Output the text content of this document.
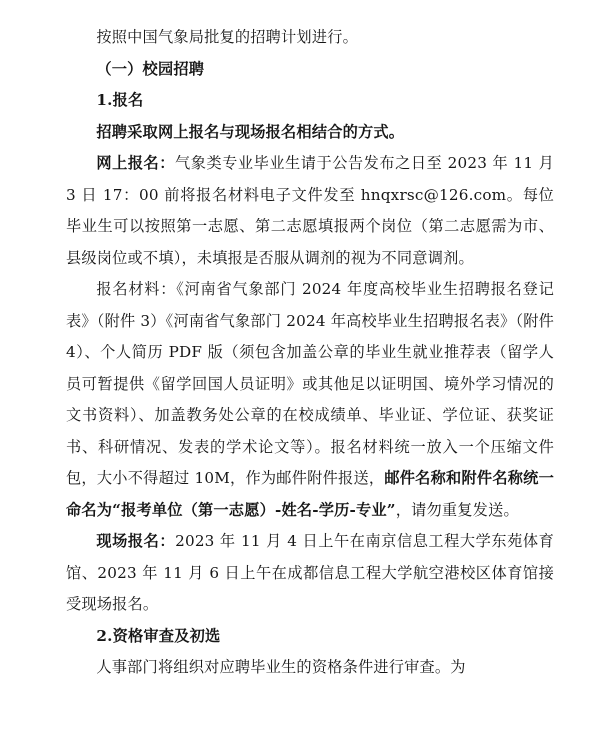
按照中国气象局批复的招聘计划进行。

（一）校园招聘

1.报名

招聘采取网上报名与现场报名相结合的方式。

网上报名：气象类专业毕业生请于公告发布之日至 2023 年 11 月 3 日 17：00 前将报名材料电子文件发至 hnqxrsc@126.com。每位毕业生可以按照第一志愿、第二志愿填报两个岗位（第二志愿需为市、县级岗位或不填），未填报是否服从调剂的视为不同意调剂。

报名材料：《河南省气象部门 2024 年度高校毕业生招聘报名登记表》（附件 3）《河南省气象部门 2024 年高校毕业生招聘报名表》（附件 4）、个人简历 PDF 版（须包含加盖公章的毕业生就业推荐表（留学人员可暂提供《留学回国人员证明》或其他足以证明国、境外学习情况的文书资料）、加盖教务处公章的在校成绩单、毕业证、学位证、获奖证书、科研情况、发表的学术论文等）。报名材料统一放入一个压缩文件包，大小不得超过 10M，作为邮件附件报送，邮件名称和附件名称统一命名为“报考单位（第一志愿）-姓名-学历-专业”，请勿重复发送。

现场报名：2023 年 11 月 4 日上午在南京信息工程大学东苑体育馆、2023 年 11 月 6 日上午在成都信息工程大学航空港校区体育馆接受现场报名。

2.资格审查及初选

人事部门将组织对应聘毕业生的资格条件进行审查。为
